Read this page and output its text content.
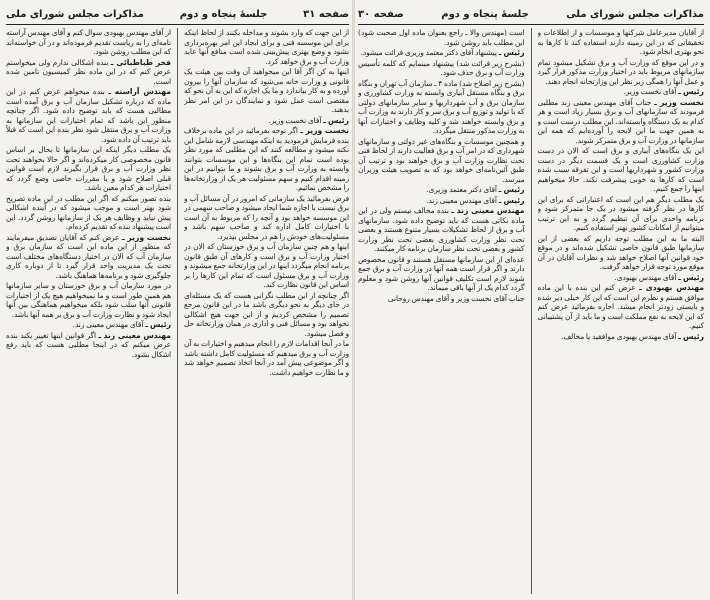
صفحه ۳۱
جلسهٔ پنجاه و دوم
مذاکرات مجلس شورای ملی

از این جهت که وارد بشوند و مداخله بکنند از لحاظ اینکه برای این موسسه فنی و برای ایجاد این امر بهره‌برداری بشود و وضع بهتری پیش‌بینی شده است منافع آنها عاید وزارت آب و برق خواهد کرد.

اینها به کن اگر آقا این میخواهید آن وقت بین هیئت یک قانونی و وزارت خانه می‌شود که سازمان آنها را بیرون آورده و به کار بیاندازد و ما یک اجازه که این به آن نحو که مقتضی است عمل شود و نمایندگان در این امر نظر بدهند.

رئیس ـ آقای نخست وزیر.

نخست وزیر ـ اگر توجه بفرمائید در این ماده برخلاف بنده فرمایش فرمودید به اینکه مهندسی لازمه شامل این نکته میشود و مطالعه کنند که این مطلبی که مورد نظر بوده است تمام این بنگاه‌ها و این موسسات بتوانند وابسته به وزارت آب و برق بشوند و ما بتوانیم در این زمینه اقدام کنیم و سهم مسئولیت هر یک از وزارتخانه‌ها را مشخص نمائیم.

فرض بفرمائید یک سازمانی که امروز در آن مسائل آب و برق نیست با اجازه شما ایجاد میشود و صاحب سهمی در این موسسه خواهد بود و آنچه را که مربوط به آن است با اختیارات کامل اداره کند و صاحب سهم باشد و مسئولیت‌های خودش را هم در مجلس بپذیرد.

اینها و هم چنین سازمان آب و برق خوزستان که الان در اختیار وزارت آب و برق است و کارهای آن طبق قانون برنامه انجام میگردد اینها در این وزارتخانه جمع میشوند و وزارت آب و برق مسئول است که تمام این کارها را بر اساس این قانون نظارت کند.

اگر چنانچه از این مطلب نگرانی هست که یک مسئله‌ای در جای دیگر به نحو دیگری باشد ما در این قانون مرجع تصمیم را مشخص کردیم و از این جهت هیچ اشکالی نخواهد بود و مسائل فنی و اداری در همان وزارتخانه حل و فصل میشود.

ما در آنجا اقدامات لازم را انجام میدهیم و اختیارات به آن وزارت آب و برق میدهیم که مسئولیت کامل داشته باشد و اگر موضوعی پیش آمد در آنجا اتخاذ تصمیم خواهد شد و ما نظارت خواهیم داشت.

از آقای مهندس بهبودی سوال کنم و آقای مهندس آراسته نامه‌ای را به ریاست تقدیم فرموده‌اند و در آن خواسته‌اند که این مطلب روشن شود.

فخر طباطبائی ـ بنده اشکالی ندارم ولی میخواستم عرض کنم که در این ماده نظر کمیسیون تامین شده است.

مهندس آراسته ـ بنده میخواهم عرض کنم در این ماده که درباره تشکیل سازمان آب و برق آمده است مطالبی هست که باید توضیح داده شود. اگر چنانچه منظور این باشد که تمام اختیارات این سازمانها به وزارت آب و برق منتقل شود نظر بنده این است که قبلاً باید ترتیب آن داده شود.

یک مطلب دیگر اینکه این سازمانها تا بحال بر اساس قانون مخصوصی کار میکرده‌اند و اگر حالا بخواهند تحت نظر وزارت آب و برق قرار بگیرند لازم است قوانین قبلی اصلاح شود و یا مقررات خاصی وضع گردد که اختیارات هر کدام معین باشد.

بنده تصور میکنم که اگر این مطلب در این ماده تصریح شود بهتر است و موجب میشود که در آینده اشکالی پیش نیاید و وظایف هر یک از سازمانها روشن گردد. این است پیشنهاد بنده که تقدیم کرده‌ام.

نخست وزیر ـ عرض کنم که آقایان تصدیق میفرمایند که منظور از این ماده این است که سازمان برق و سازمان آب که الان در اختیار دستگاه‌های مختلف است تحت یک مدیریت واحد قرار گیرد تا از دوباره کاری جلوگیری شود و برنامه‌ها هماهنگ باشد.

در مورد سازمان آب و برق خوزستان و سایر سازمانها هم همین طور است و ما نمیخواهیم هیچ یک از اختیارات قانونی آنها سلب شود بلکه میخواهیم هماهنگی بین آنها ایجاد شود و نظارت وزارت آب و برق بر همه آنها باشد.

رئیس ـ آقای مهندس معینی زند.

مهندس معینی زند ـ اگر قوانین اینها تغییر بکند بنده عرض میکنم که در اینجا مطلبی هست که باید رفع اشکال بشود.

مذاکرات مجلس شورای ملی
جلسهٔ پنجاه و دوم
صفحه ۳۰

از آقایان مدیرعامل شرکتها و موسسات و از اطلاعات و تحقیقاتی که در این زمینه دارند استفاده کند تا کارها به نحو بهتری انجام شود.

و در این موقع که وزارت آب و برق تشکیل میشود تمام سازمانهای مربوط باید در اختیار وزارت مذکور قرار گیرد و عمل آنها را همگی زیر نظر این وزارتخانه انجام دهند.

رئیس ـ آقای نخست وزیر.

نخست وزیر ـ جناب آقای مهندس معینی زند مطلبی فرمودند که سازمانهای آب و برق بسیار زیاد است و هر کدام به یک دستگاه وابسته‌اند. این مطلب درست است و به همین جهت ما این لایحه را آورده‌ایم که همه این سازمانها در وزارت آب و برق متمرکز شوند.

این یک بنگاه‌های آبیاری و برق است که الان در دست وزارت کشاورزی است و یک قسمت دیگر در دست وزارت کشور و شهرداریها است و این تفرقه سبب شده است که کارها به خوبی پیشرفت نکند. حالا میخواهیم اینها را جمع کنیم.

یک مطلب دیگر هم این است که اعتباراتی که برای این کارها در نظر گرفته میشود در یک جا متمرکز شود و برنامه واحدی برای آن تنظیم گردد و به این ترتیب میتوانیم از امکانات کشور بهتر استفاده کنیم.

البته ما به این مطلب توجه داریم که بعضی از این سازمانها طبق قانون خاصی تشکیل شده‌اند و در موقع خود قوانین آنها اصلاح خواهد شد و نظرات آقایان در آن موقع مورد توجه قرار خواهد گرفت.

رئیس ـ آقای مهندس بهبودی.

مهندس بهبودی ـ عرض کنم این بنده با این ماده موافق هستم و نظرم این است که این کار خیلی دیر شده و بایستی زودتر انجام میشد. اجازه بفرمائید عرض کنم که این لایحه به نفع مملکت است و ما باید از آن پشتیبانی کنیم.

رئیس ـ آقای مهندس بهبودی موافقید یا مخالف.

است (مهندس والا ـ راجع بعنوان ماده اول صحبت شود) این مطلب باید روشن شود.

رئیس ـ پیشنهاد آقای دکتر معتمد وزیری قرائت میشود.

(بشرح زیر قرائت شد) پیشنهاد مینمایم که کلمه تأسیس وزارت آب و برق حذف شود.

(بشرح زیر اصلاح شد) ماده ۴ ـ سازمان آب تهران و بنگاه برق و بنگاه مستقل آبیاری وابسته به وزارت کشاورزی و سازمان برق و آب شهرداریها و سایر سازمانهای دولتی که با تولید و توزیع آب و برق سر و کار دارند به وزارت آب و برق وابسته خواهند شد و کلیه وظایف و اختیارات آنها به وزارت مذکور منتقل میگردد.

و همچنین موسسات و بنگاه‌های غیر دولتی و سازمانهای شهرداری که در امر آب و برق فعالیت دارند از لحاظ فنی تحت نظارت وزارت آب و برق خواهند بود و ترتیب آن طبق آئین‌نامه‌ای خواهد بود که به تصویب هیئت وزیران میرسد.

رئیس ـ آقای دکتر معتمد وزیری.

رئیس ـ آقای مهندس معینی زند.

مهندس معینی زند ـ بنده مخالف نیستم ولی در این ماده نکاتی هست که باید توضیح داده شود. سازمانهای آب و برق از لحاظ تشکیلات بسیار متنوع هستند و بعضی تحت نظر وزارت کشاورزی بعضی تحت نظر وزارت کشور و بعضی تحت نظر سازمان برنامه کار میکنند.

عده‌ای از این سازمانها مستقل هستند و قانون مخصوص دارند و اگر قرار است همه آنها در وزارت آب و برق جمع شوند لازم است تکلیف قوانین آنها روشن شود و معلوم گردد کدام یک از آنها باقی میماند.

جناب آقای نخست وزیر و آقای مهندس روحانی
